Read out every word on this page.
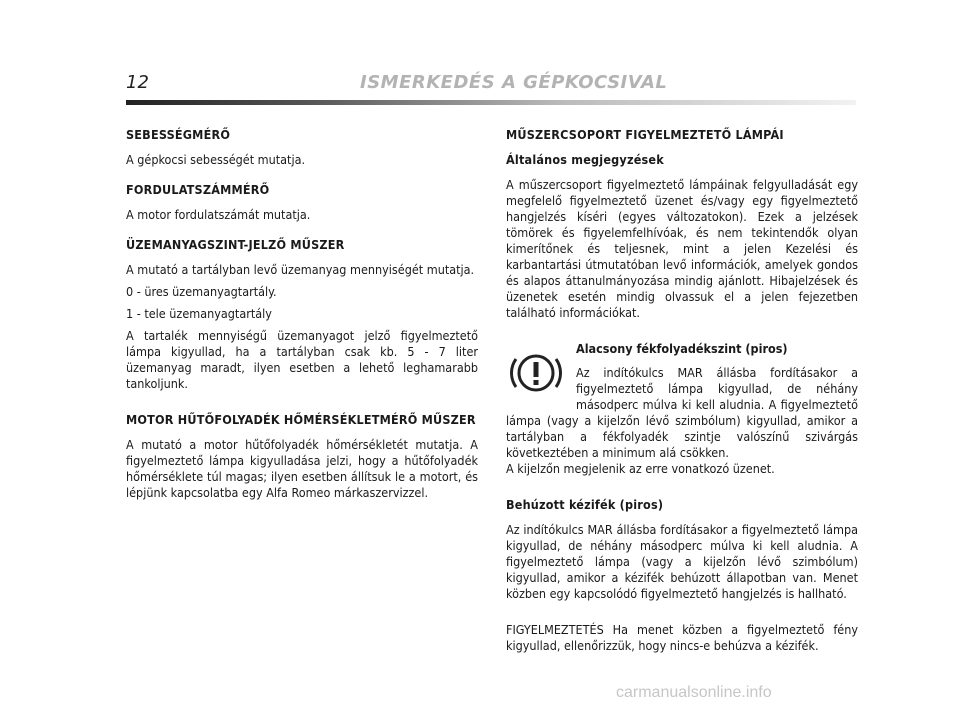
12	ISMERKEDÉS A GÉPKOCSIVAL
SEBESSÉGMÉRŐ
A gépkocsi sebességét mutatja.
FORDULATSZÁMMÉRŐ
A motor fordulatszámát mutatja.
ÜZEMANYAGSZINT-JELZŐ MŰSZER
A mutató a tartályban levő üzemanyag mennyiségét mutatja.
0 - üres üzemanyagtartály.
1 - tele üzemanyagtartály
A tartalék mennyiségű üzemanyagot jelző figyelmeztető lámpa kigyullad, ha a tartályban csak kb. 5 - 7 liter üzemanyag maradt, ilyen esetben a lehető leghamarabb tankoljunk.
MOTOR HŰTŐFOLYADÉK HŐMÉRSÉKLETMÉRŐ MŰSZER
A mutató a motor hűtőfolyadék hőmérsékletét mutatja. A figyelmeztető lámpa kigyulladása jelzi, hogy a hűtőfolyadék hőmérséklete túl magas; ilyen esetben állítsuk le a motort, és lépjünk kapcsolatba egy Alfa Romeo márkaszervizzel.
MŰSZERCSOPORT FIGYELMEZTETŐ LÁMPÁI
Általános megjegyzések
A műszercsoport figyelmeztető lámpáinak felgyulladását egy megfelelő figyelmeztető üzenet és/vagy egy figyelmeztető hangjelzés kíséri (egyes változatokon). Ezek a jelzések tömörek és figyelemfelhívóak, és nem tekintendők olyan kimerítőnek és teljesnek, mint a jelen Kezelési és karbantartási útmutatóban levő információk, amelyek gondos és alapos áttanulmányozása mindig ajánlott. Hibajelzések és üzenetek esetén mindig olvassuk el a jelen fejezetben található információkat.
Alacsony fékfolyadékszint (piros)
Az indítókulcs MAR állásba fordításakor a figyelmeztető lámpa kigyullad, de néhány másodperc múlva ki kell aludnia. A figyelmeztető lámpa (vagy a kijelzőn lévő szimbólum) kigyullad, amikor a tartályban a fékfolyadék szintje valószínű szivárgás következtében a minimum alá csökken.
A kijelzőn megjelenik az erre vonatkozó üzenet.
Behúzott kézifék (piros)
Az indítókulcs MAR állásba fordításakor a figyelmeztető lámpa kigyullad, de néhány másodperc múlva ki kell aludnia. A figyelmeztető lámpa (vagy a kijelzőn lévő szimbólum) kigyullad, amikor a kézifék behúzott állapotban van. Menet közben egy kapcsolódó figyelmeztető hangjelzés is hallható.
FIGYELMEZTETÉS Ha menet közben a figyelmeztető fény kigyullad, ellenőrizzük, hogy nincs-e behúzva a kézifék.
carmanualsonline.info
